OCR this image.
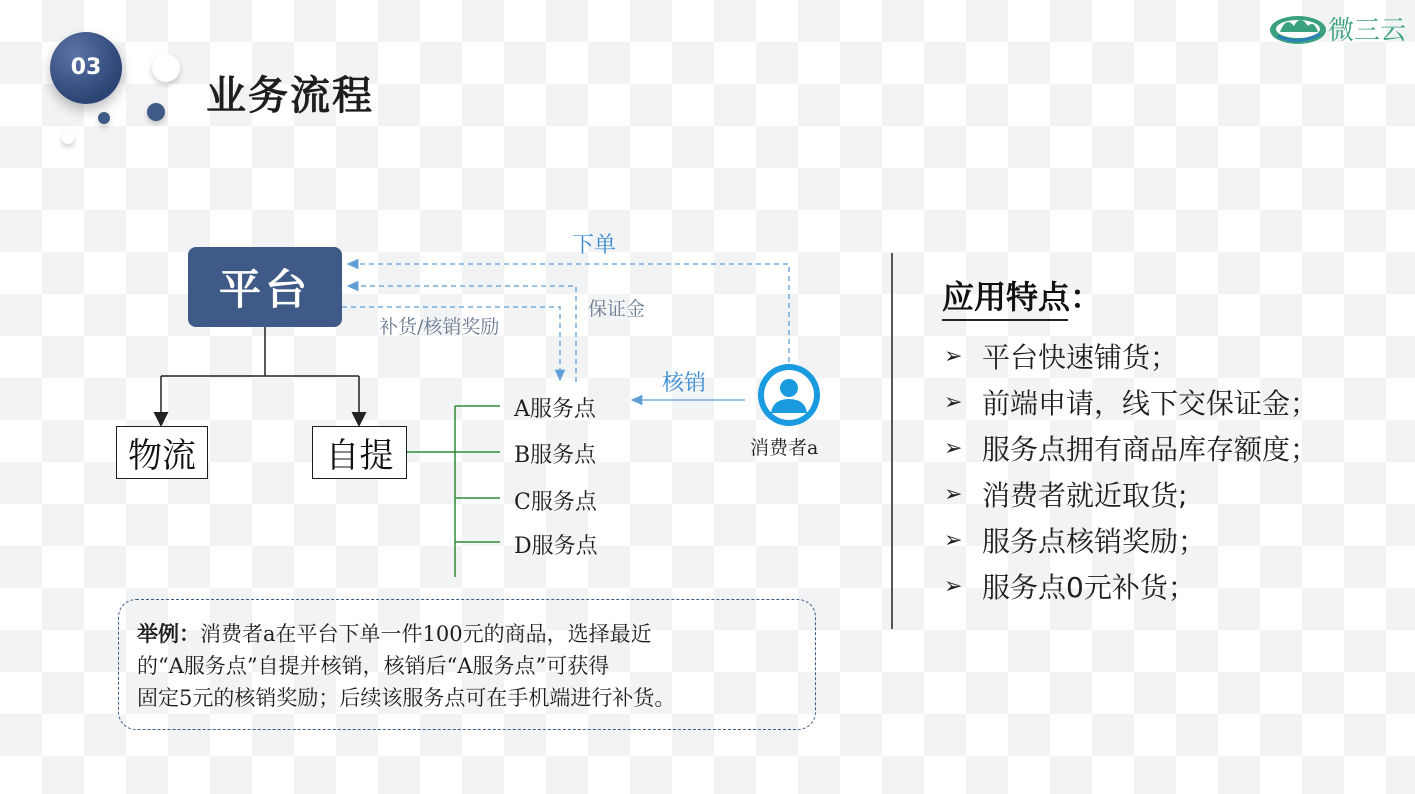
03
业务流程
微三云
平台
物流	自提
A服务点
B服务点
C服务点
D服务点
下单
保证金
补货/核销奖励
核销
消费者a
举例：消费者a在平台下单一件100元的商品，选择最近
的“A服务点”自提并核销，核销后“A服务点”可获得
固定5元的核销奖励；后续该服务点可在手机端进行补货。
应用特点：
➢ 平台快速铺货；
➢ 前端申请，线下交保证金；
➢ 服务点拥有商品库存额度；
➢ 消费者就近取货;
➢ 服务点核销奖励；
➢ 服务点0元补货；
